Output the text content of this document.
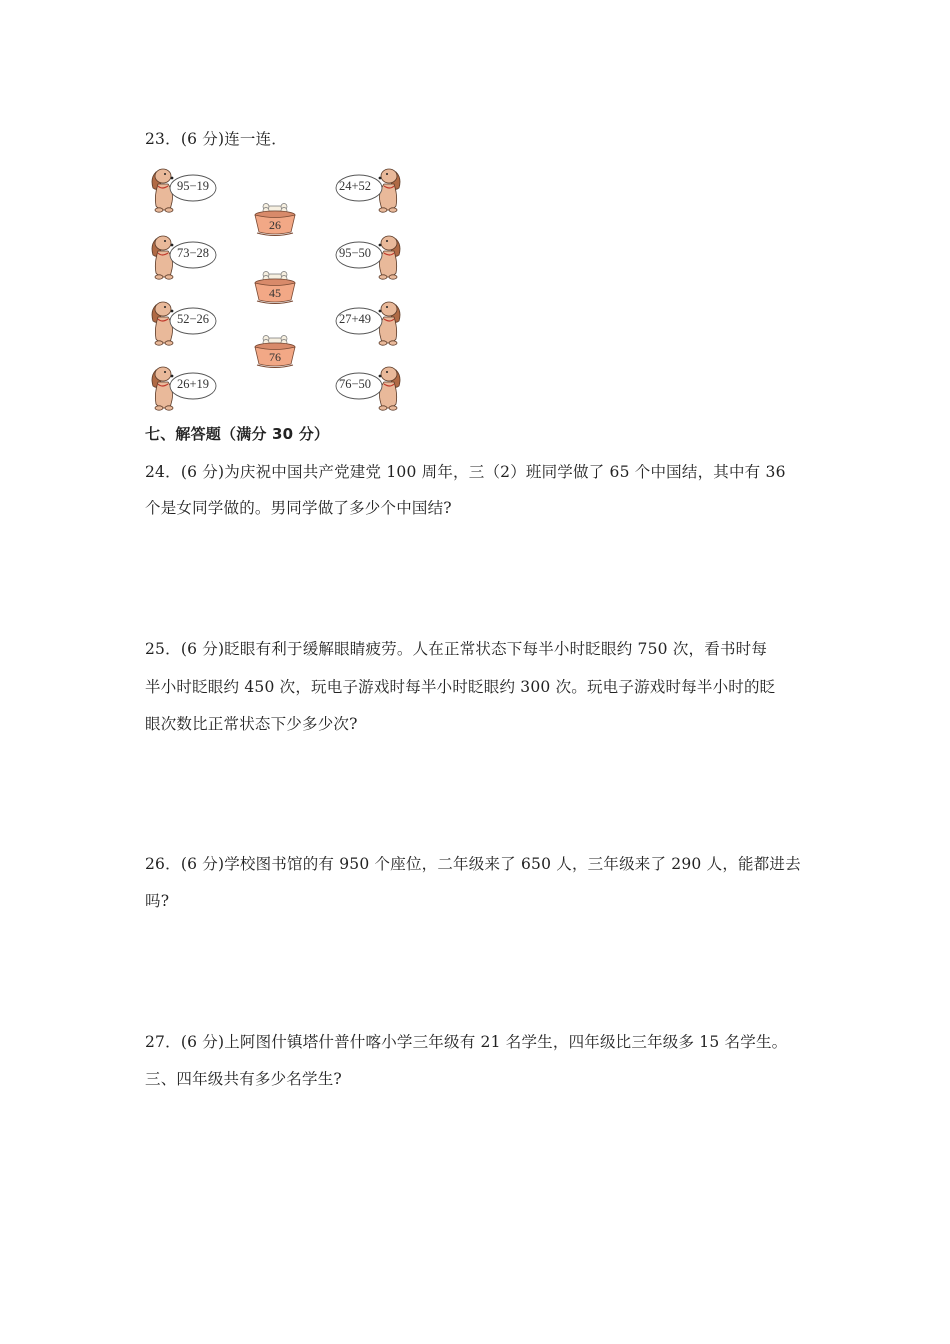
23．(6 分)连一连．
95−19
73−28
52−26
26+19
26
45
76
24+52
95−50
27+49
76−50
七、解答题（满分 30 分）
24．(6 分)为庆祝中国共产党建党 100 周年，三（2）班同学做了 65 个中国结，其中有 36
个是女同学做的。男同学做了多少个中国结?
25．(6 分)眨眼有利于缓解眼睛疲劳。人在正常状态下每半小时眨眼约 750 次，看书时每
半小时眨眼约 450 次，玩电子游戏时每半小时眨眼约 300 次。玩电子游戏时每半小时的眨
眼次数比正常状态下少多少次?
26．(6 分)学校图书馆的有 950 个座位，二年级来了 650 人，三年级来了 290 人，能都进去
吗?
27．(6 分)上阿图什镇塔什普什喀小学三年级有 21 名学生，四年级比三年级多 15 名学生。
三、四年级共有多少名学生?
